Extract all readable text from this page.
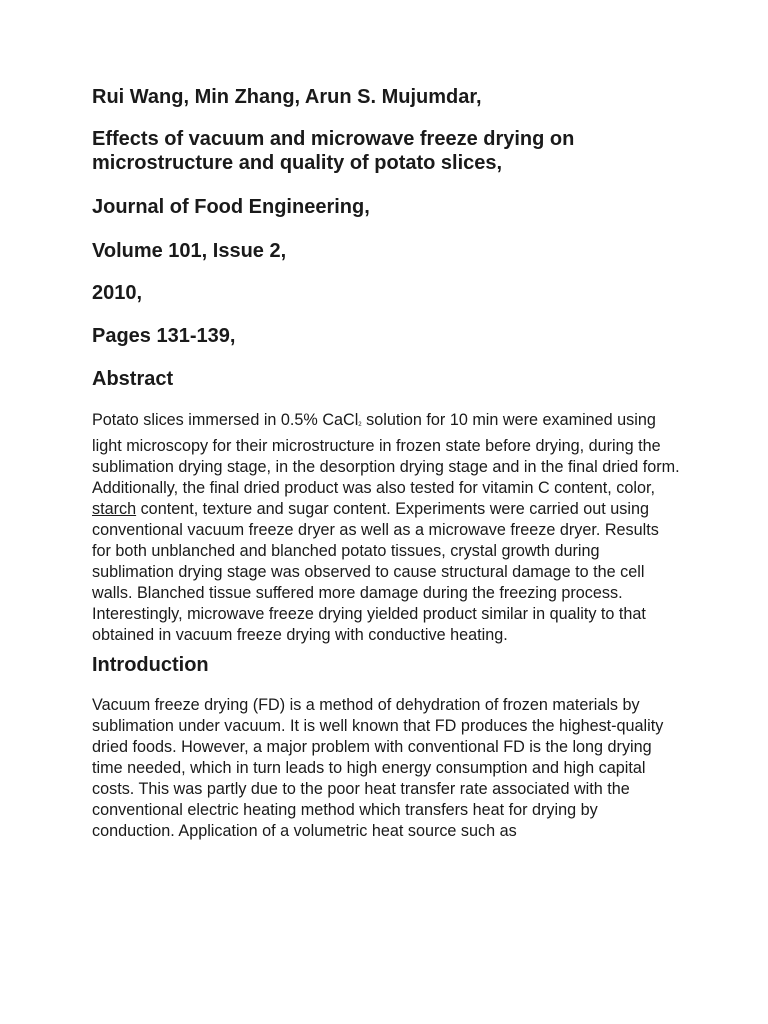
Rui Wang, Min Zhang, Arun S. Mujumdar,

Effects of vacuum and microwave freeze drying on microstructure and quality of potato slices,

Journal of Food Engineering,

Volume 101, Issue 2,

2010,

Pages 131-139,

Abstract

Potato slices immersed in 0.5% CaCl2 solution for 10 min were examined using light microscopy for their microstructure in frozen state before drying, during the sublimation drying stage, in the desorption drying stage and in the final dried form. Additionally, the final dried product was also tested for vitamin C content, color, starch content, texture and sugar content. Experiments were carried out using conventional vacuum freeze dryer as well as a microwave freeze dryer. Results for both unblanched and blanched potato tissues, crystal growth during sublimation drying stage was observed to cause structural damage to the cell walls. Blanched tissue suffered more damage during the freezing process. Interestingly, microwave freeze drying yielded product similar in quality to that obtained in vacuum freeze drying with conductive heating.

Introduction

Vacuum freeze drying (FD) is a method of dehydration of frozen materials by sublimation under vacuum. It is well known that FD produces the highest-quality dried foods. However, a major problem with conventional FD is the long drying time needed, which in turn leads to high energy consumption and high capital costs. This was partly due to the poor heat transfer rate associated with the conventional electric heating method which transfers heat for drying by conduction. Application of a volumetric heat source such as
